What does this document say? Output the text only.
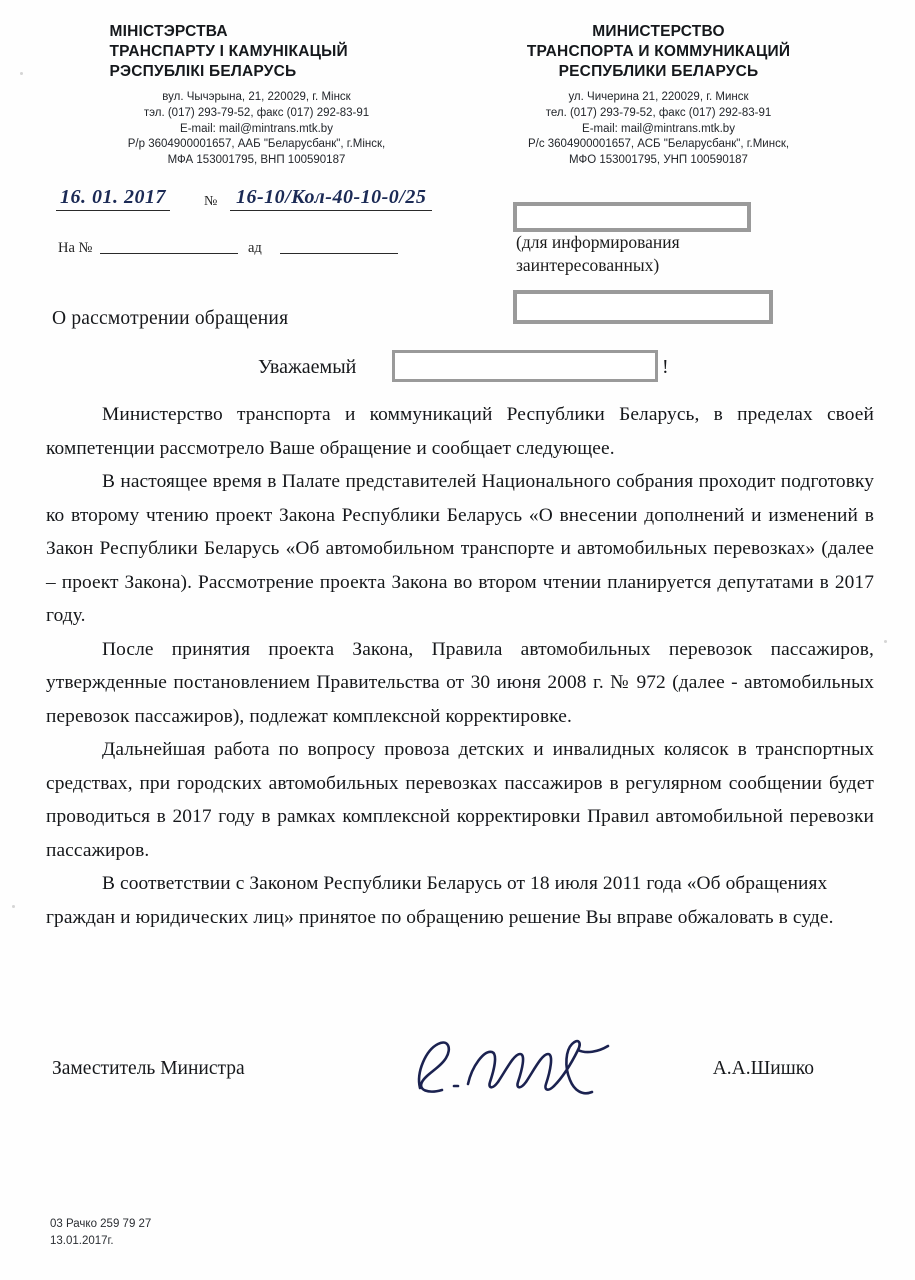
МІНІСТЭРСТВА
ТРАНСПАРТУ І КАМУНІКАЦЫЙ
РЭСПУБЛІКІ БЕЛАРУСЬ
вул. Чычэрына, 21, 220029, г. Мінск
тэл. (017) 293-79-52, факс (017) 292-83-91
E-mail: mail@mintrans.mtk.by
Р/р 3604900001657, ААБ "Беларусбанк", г.Мінск,
МФА 153001795, ВНП 100590187
МИНИСТЕРСТВО
ТРАНСПОРТА И КОММУНИКАЦИЙ
РЕСПУБЛИКИ БЕЛАРУСЬ
ул. Чичерина 21, 220029, г. Минск
тел. (017) 293-79-52, факс (017) 292-83-91
E-mail: mail@mintrans.mtk.by
Р/с 3604900001657, АСБ "Беларусбанк", г.Минск,
МФО 153001795, УНП 100590187
16. 01. 2017	№ 16-10/Кол-40-10-0/25
На №	ад	(для информирования заинтересованных)
О рассмотрении обращения
Уважаемый	!

Министерство транспорта и коммуникаций Республики Беларусь, в пределах своей компетенции рассмотрело Ваше обращение и сообщает следующее.

В настоящее время в Палате представителей Национального собрания проходит подготовку ко второму чтению проект Закона Республики Беларусь «О внесении дополнений и изменений в Закон Республики Беларусь «Об автомобильном транспорте и автомобильных перевозках» (далее – проект Закона). Рассмотрение проекта Закона во втором чтении планируется депутатами в 2017 году.

После принятия проекта Закона, Правила автомобильных перевозок пассажиров, утвержденные постановлением Правительства от 30 июня 2008 г. № 972 (далее - автомобильных перевозок пассажиров), подлежат комплексной корректировке.

Дальнейшая работа по вопросу провоза детских и инвалидных колясок в транспортных средствах, при городских автомобильных перевозках пассажиров в регулярном сообщении будет проводиться в 2017 году в рамках комплексной корректировки Правил автомобильной перевозки пассажиров.

В соответствии с Законом Республики Беларусь от 18 июля 2011 года «Об обращениях граждан и юридических лиц» принятое по обращению решение Вы вправе обжаловать в суде.

Заместитель Министра	А.А.Шишко
03 Рачко 259 79 27
13.01.2017г.
